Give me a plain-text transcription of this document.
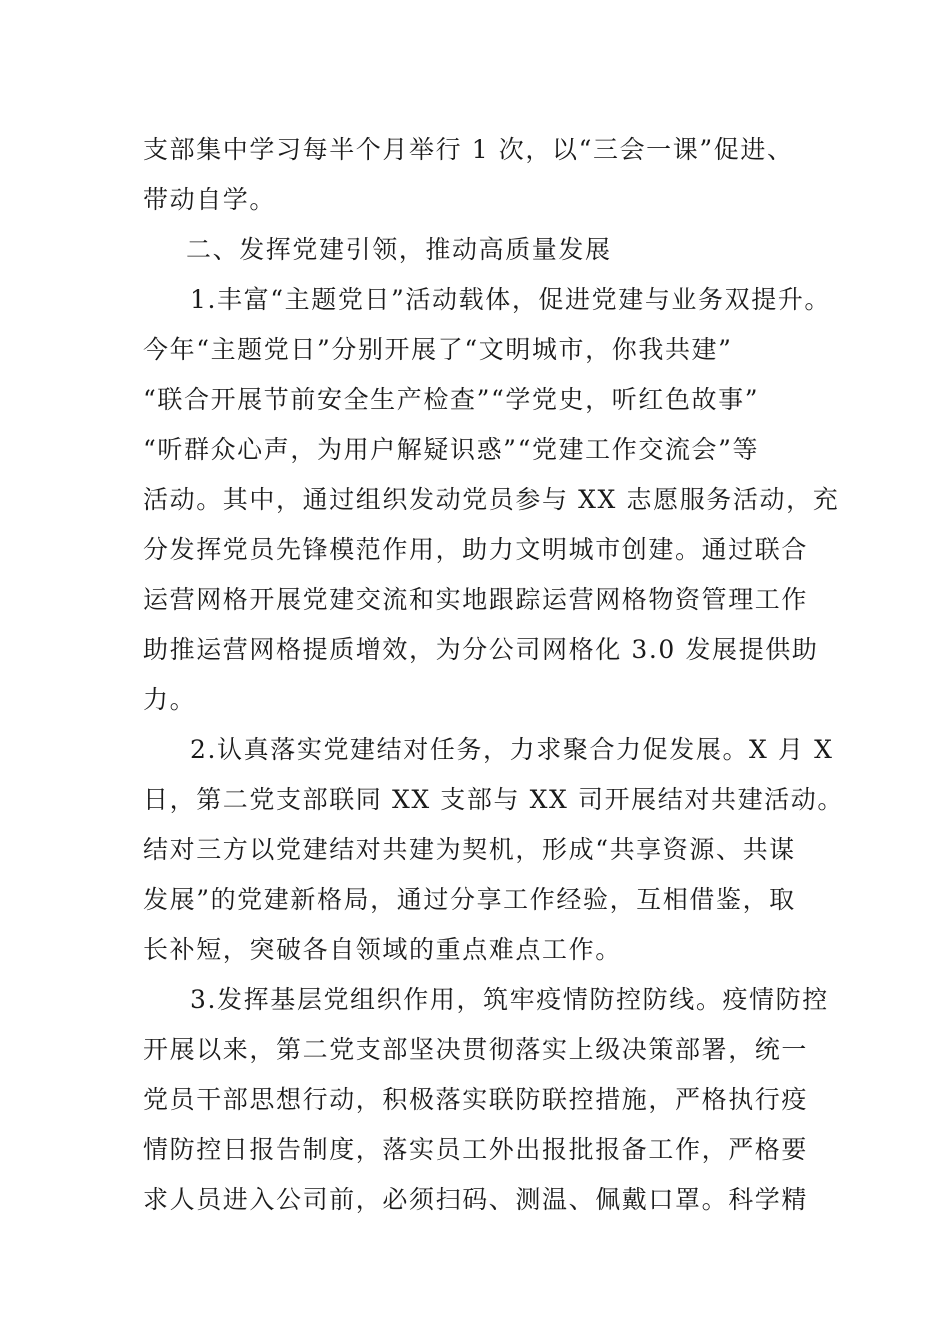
支部集中学习每半个月举行 1 次，以“三会一课”促进、
带动自学。
二、发挥党建引领，推动高质量发展
1.丰富“主题党日”活动载体，促进党建与业务双提升。
今年“主题党日”分别开展了“文明城市，你我共建”
“联合开展节前安全生产检查”“学党史，听红色故事”
“听群众心声，为用户解疑识惑”“党建工作交流会”等
活动。其中，通过组织发动党员参与 XX 志愿服务活动，充
分发挥党员先锋模范作用，助力文明城市创建。通过联合
运营网格开展党建交流和实地跟踪运营网格物资管理工作
助推运营网格提质增效，为分公司网格化 3.0 发展提供助
力。
2.认真落实党建结对任务，力求聚合力促发展。X 月 X
日，第二党支部联同 XX 支部与 XX 司开展结对共建活动。
结对三方以党建结对共建为契机，形成“共享资源、共谋
发展”的党建新格局，通过分享工作经验，互相借鉴，取
长补短，突破各自领域的重点难点工作。
3.发挥基层党组织作用，筑牢疫情防控防线。疫情防控
开展以来，第二党支部坚决贯彻落实上级决策部署，统一
党员干部思想行动，积极落实联防联控措施，严格执行疫
情防控日报告制度，落实员工外出报批报备工作，严格要
求人员进入公司前，必须扫码、测温、佩戴口罩。科学精
